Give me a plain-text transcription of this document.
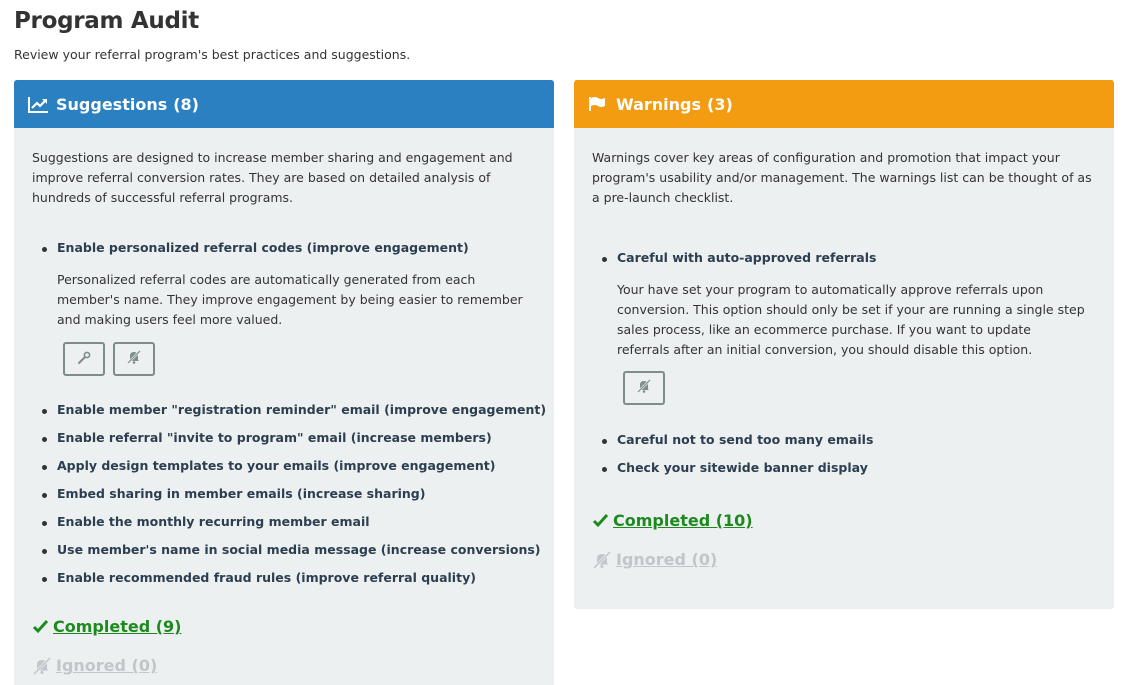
Program Audit
Review your referral program's best practices and suggestions.
Suggestions (8)
Suggestions are designed to increase member sharing and engagement and improve referral conversion rates. They are based on detailed analysis of hundreds of successful referral programs.
Enable personalized referral codes (improve engagement)
Personalized referral codes are automatically generated from each member's name. They improve engagement by being easier to remember and making users feel more valued.
Enable member "registration reminder" email (improve engagement)
Enable referral "invite to program" email (increase members)
Apply design templates to your emails (improve engagement)
Embed sharing in member emails (increase sharing)
Enable the monthly recurring member email
Use member's name in social media message (increase conversions)
Enable recommended fraud rules (improve referral quality)
Completed (9)
Ignored (0)
Warnings (3)
Warnings cover key areas of configuration and promotion that impact your program's usability and/or management. The warnings list can be thought of as a pre-launch checklist.
Careful with auto-approved referrals
Your have set your program to automatically approve referrals upon conversion. This option should only be set if your are running a single step sales process, like an ecommerce purchase. If you want to update referrals after an initial conversion, you should disable this option.
Careful not to send too many emails
Check your sitewide banner display
Completed (10)
Ignored (0)
